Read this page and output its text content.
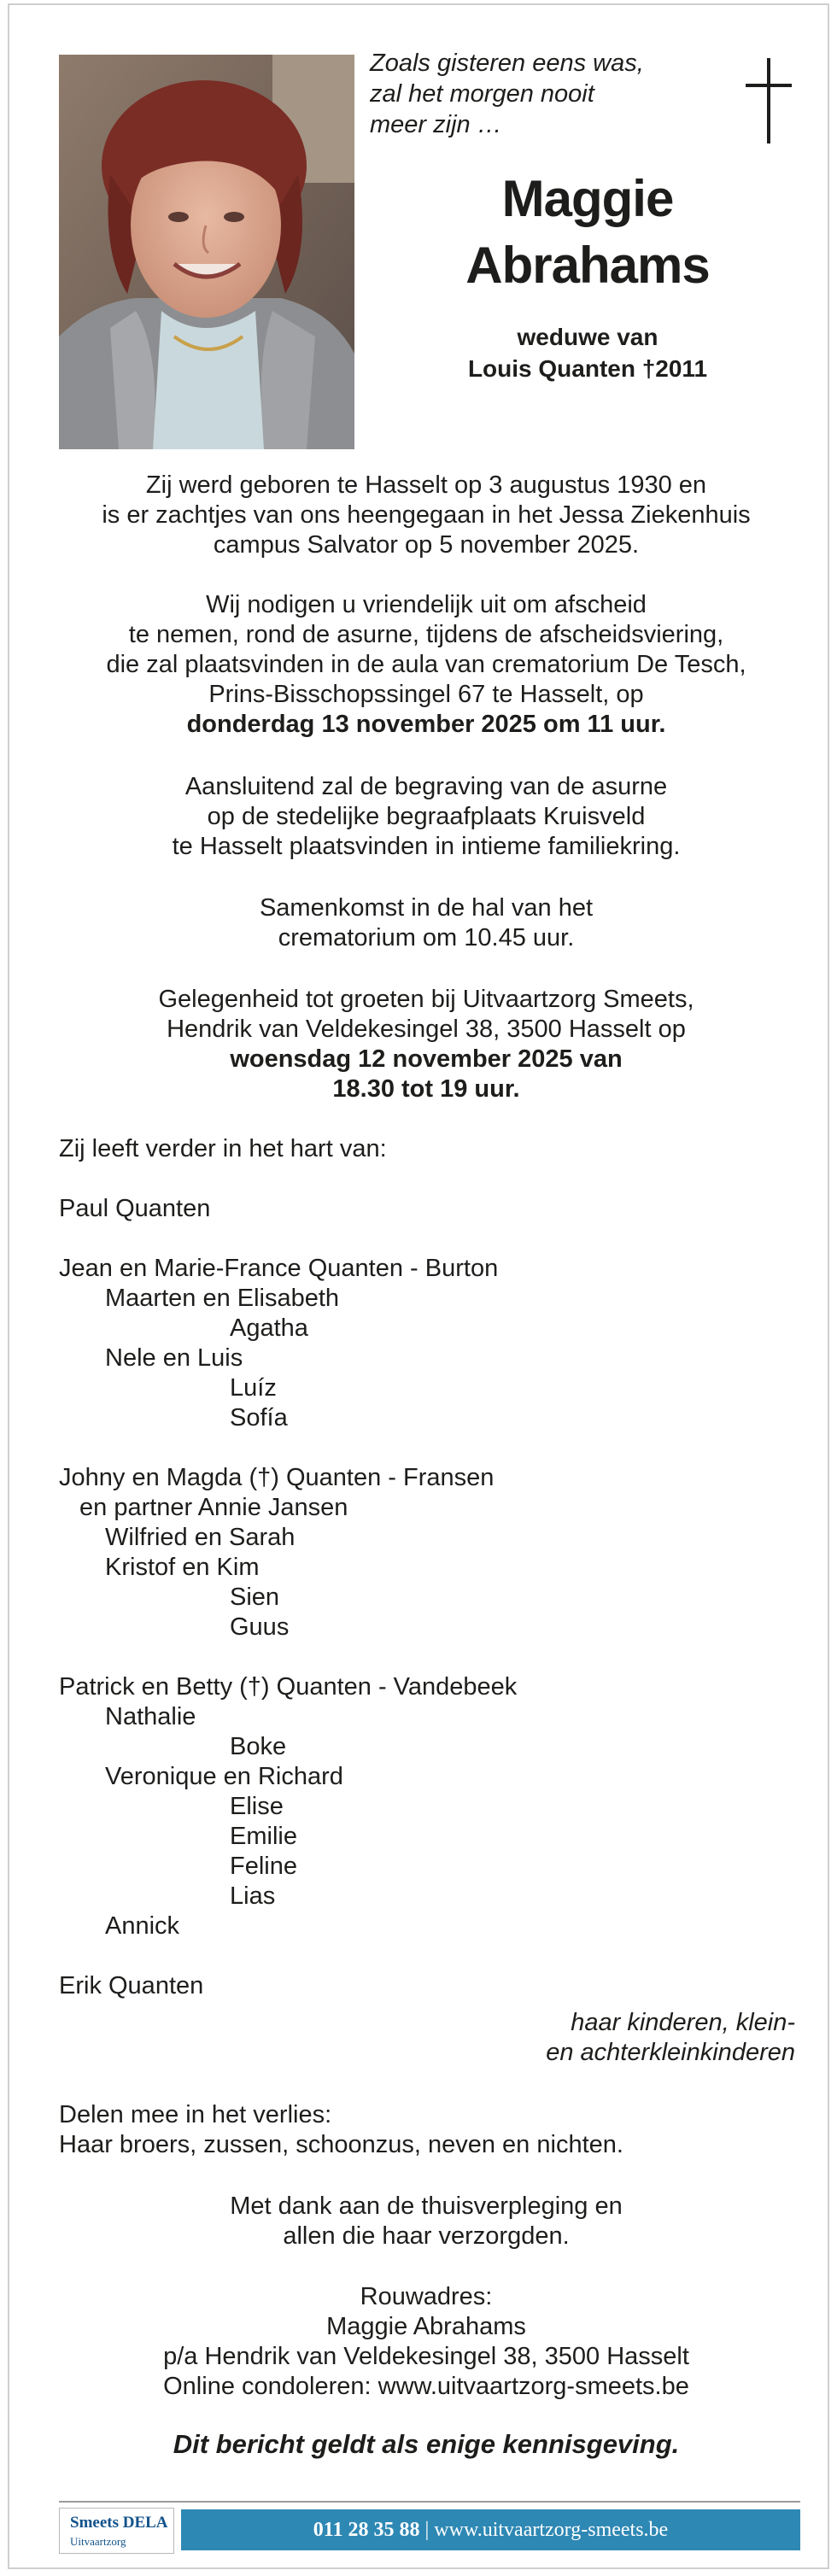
Zoals gisteren eens was,
zal het morgen nooit
meer zijn …
Maggie
Abrahams
weduwe van
Louis Quanten †2011
Zij werd geboren te Hasselt op 3 augustus 1930 en
is er zachtjes van ons heengegaan in het Jessa Ziekenhuis
campus Salvator op 5 november 2025.
Wij nodigen u vriendelijk uit om afscheid
te nemen, rond de asurne, tijdens de afscheidsviering,
die zal plaatsvinden in de aula van crematorium De Tesch,
Prins-Bisschopssingel 67 te Hasselt, op
donderdag 13 november 2025 om 11 uur.
Aansluitend zal de begraving van de asurne
op de stedelijke begraafplaats Kruisveld
te Hasselt plaatsvinden in intieme familiekring.
Samenkomst in de hal van het
crematorium om 10.45 uur.
Gelegenheid tot groeten bij Uitvaartzorg Smeets,
Hendrik van Veldekesingel 38, 3500 Hasselt op
woensdag 12 november 2025 van
18.30 tot 19 uur.
Zij leeft verder in het hart van:
Paul Quanten
Jean en Marie-France Quanten - Burton
Maarten en Elisabeth
Agatha
Nele en Luis
Luíz
Sofía
Johny en Magda (†) Quanten - Fransen
en partner Annie Jansen
Wilfried en Sarah
Kristof en Kim
Sien
Guus
Patrick en Betty (†) Quanten - Vandebeek
Nathalie
Boke
Veronique en Richard
Elise
Emilie
Feline
Lias
Annick
Erik Quanten
haar kinderen, klein-
en achterkleinkinderen
Delen mee in het verlies:
Haar broers, zussen, schoonzus, neven en nichten.
Met dank aan de thuisverpleging en
allen die haar verzorgden.
Rouwadres:
Maggie Abrahams
p/a Hendrik van Veldekesingel 38, 3500 Hasselt
Online condoleren: www.uitvaartzorg-smeets.be
Dit bericht geldt als enige kennisgeving.
Smeets DELA
Uitvaartzorg
011 28 35 88 | www.uitvaartzorg-smeets.be
